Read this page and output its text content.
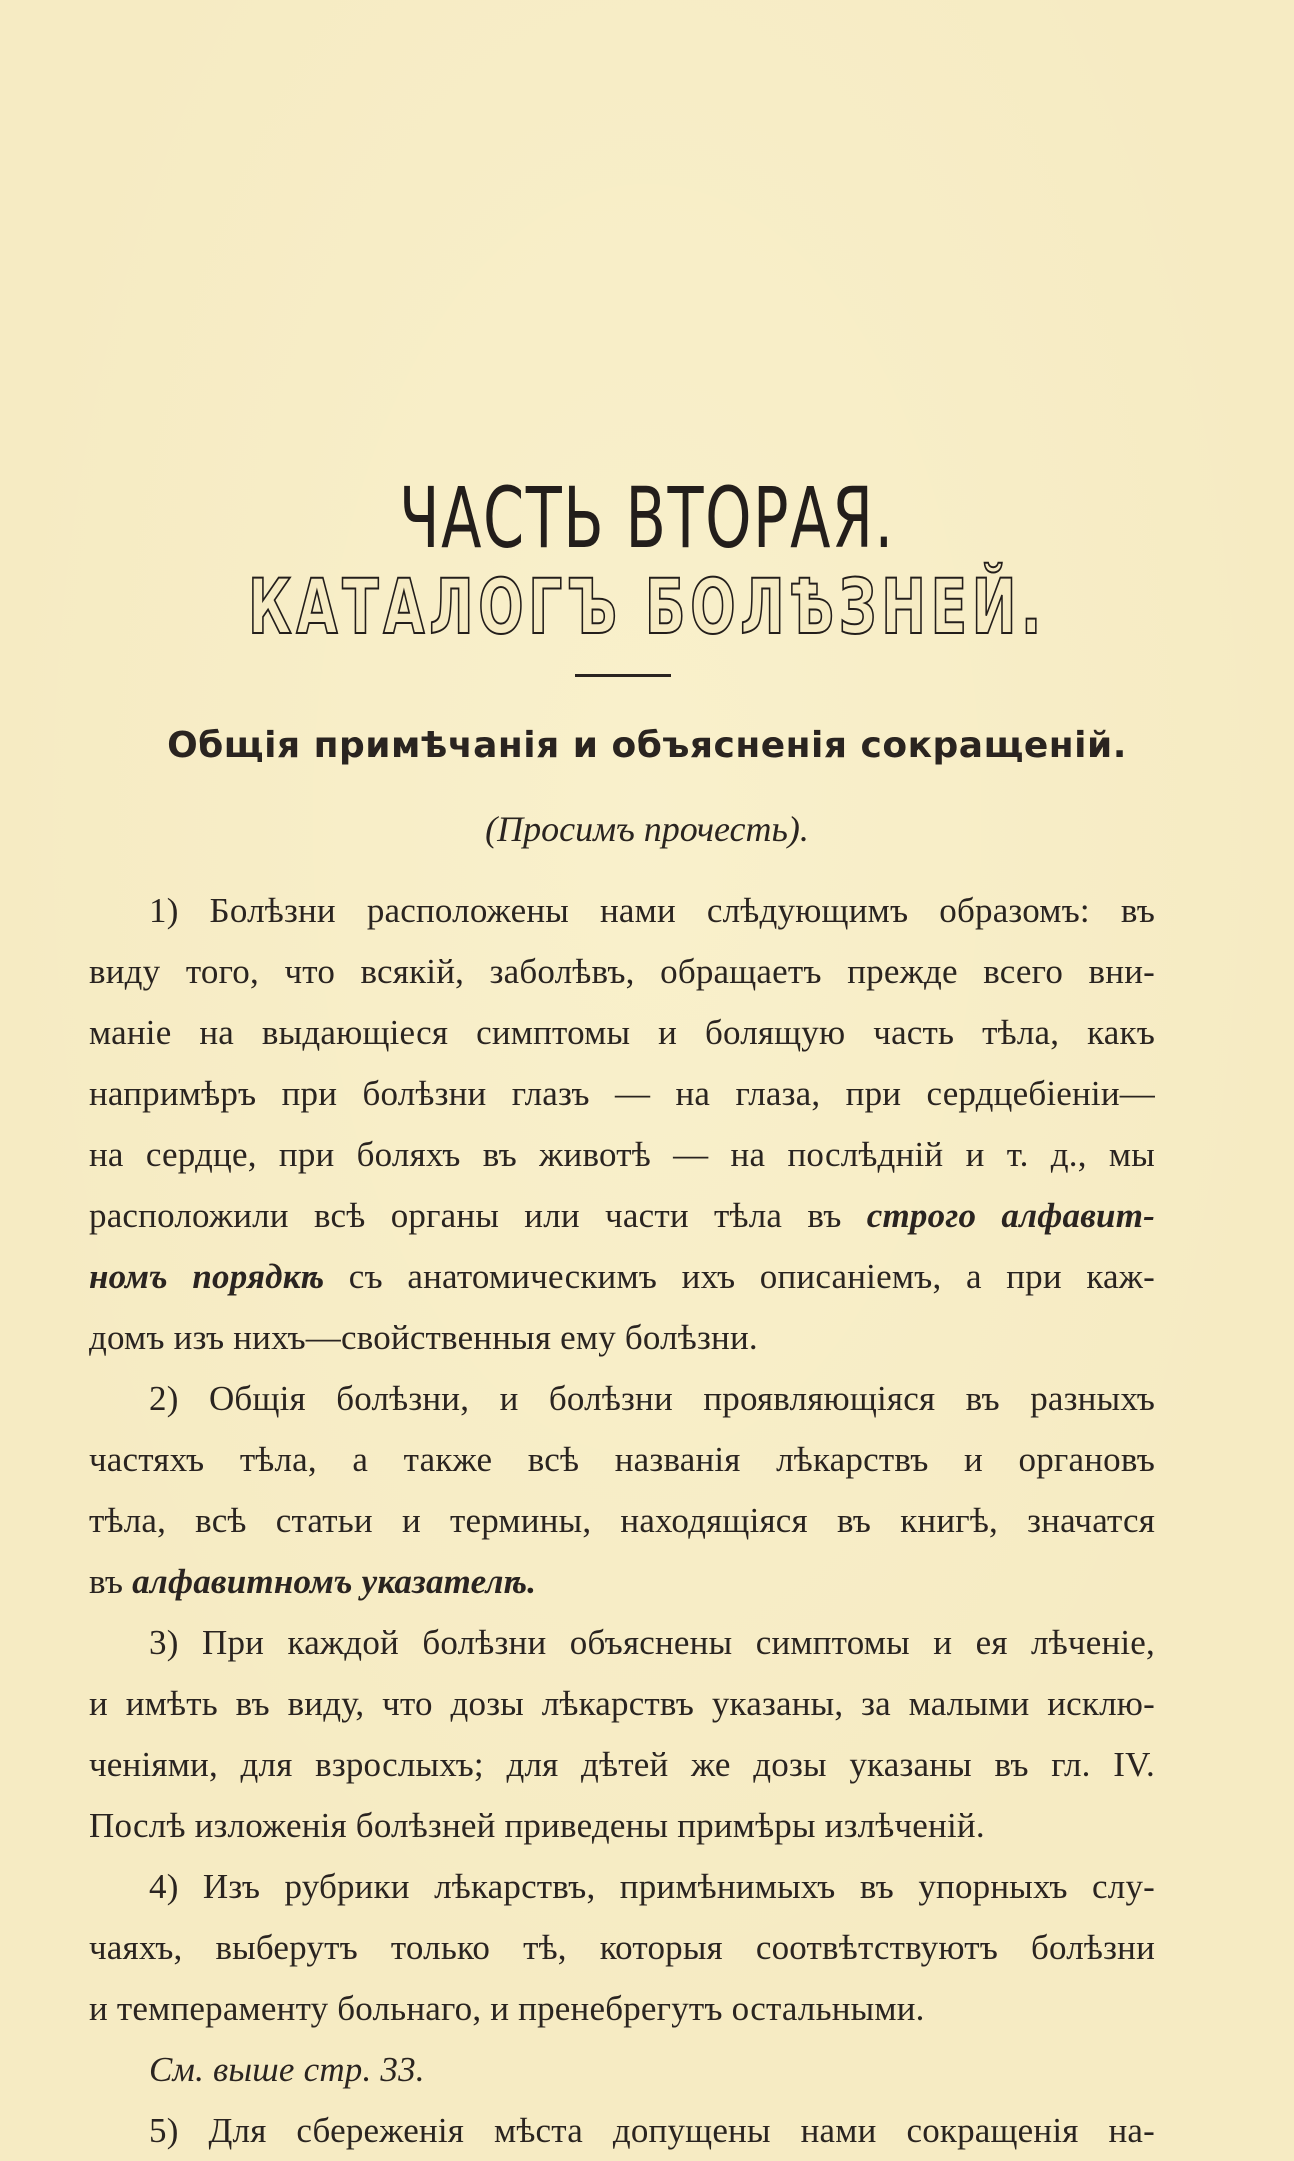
ЧАСТЬ ВТОРАЯ.
КАТАЛОГЪ БОЛѢЗНЕЙ.
Общія примѣчанія и объясненія сокращеній.
(Просимъ прочесть).
1) Болѣзни расположены нами слѣдующимъ образомъ: въ
виду того, что всякій, заболѣвъ, обращаетъ прежде всего вни-
маніе на выдающіеся симптомы и болящую часть тѣла, какъ
напримѣръ при болѣзни глазъ — на глаза, при сердцебіеніи—
на сердце, при боляхъ въ животѣ — на послѣдній и т. д., мы
расположили всѣ органы или части тѣла въ строго алфавит-
номъ порядкѣ съ анатомическимъ ихъ описаніемъ, а при каж-
домъ изъ нихъ—свойственныя ему болѣзни.
2) Общія болѣзни, и болѣзни проявляющіяся въ разныхъ
частяхъ тѣла, а также всѣ названія лѣкарствъ и органовъ
тѣла, всѣ статьи и термины, находящіяся въ книгѣ, значатся
въ алфавитномъ указателѣ.
3) При каждой болѣзни объяснены симптомы и ея лѣченіе,
и имѣть въ виду, что дозы лѣкарствъ указаны, за малыми исклю-
ченіями, для взрослыхъ; для дѣтей же дозы указаны въ гл. IV.
Послѣ изложенія болѣзней приведены примѣры излѣченій.
4) Изъ рубрики лѣкарствъ, примѣнимыхъ въ упорныхъ слу-
чаяхъ, выберутъ только тѣ, которыя соотвѣтствуютъ болѣзни
и темпераменту больнаго, и пренебрегутъ остальными.
См. выше стр. 33.
5) Для сбереженія мѣста допущены нами сокращенія на-
